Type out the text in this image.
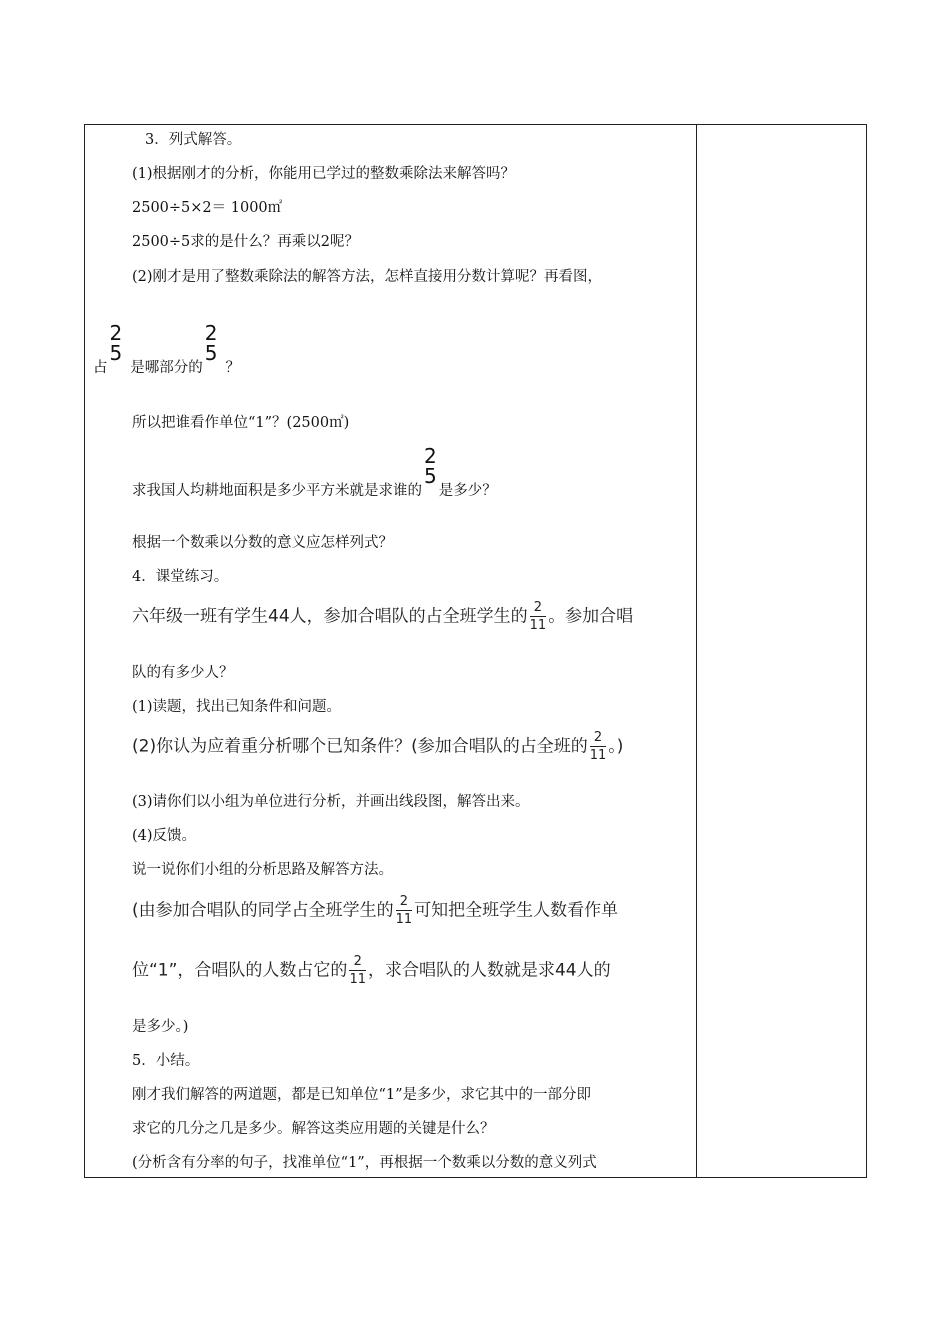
3．列式解答。
(1)根据刚才的分析，你能用已学过的整数乘除法来解答吗？
2500÷5×2＝ 1000㎡
2500÷5求的是什么？再乘以2呢？
(2)刚才是用了整数乘除法的解答方法，怎样直接用分数计算呢？再看图，
占
2
5
是哪部分的
2
5
？
所以把谁看作单位“1”？(2500㎡)
求我国人均耕地面积是多少平方米就是求谁的
2
5
是多少？
根据一个数乘以分数的意义应怎样列式？
4．课堂练习。
六年级一班有学生44人，参加合唱队的占全班学生的 $\frac{2}{11}$ 。参加合唱
队的有多少人？
(1)读题，找出已知条件和问题。
(2)你认为应着重分析哪个已知条件？(参加合唱队的占全班的 $\frac{2}{11}$ 。)
(3)请你们以小组为单位进行分析，并画出线段图，解答出来。
(4)反馈。
说一说你们小组的分析思路及解答方法。
(由参加合唱队的同学占全班学生的 $\frac{2}{11}$ 可知把全班学生人数看作单
位“1”，合唱队的人数占它的 $\frac{2}{11}$ ，求合唱队的人数就是求44人的
是多少。)
5．小结。
刚才我们解答的两道题，都是已知单位“1”是多少，求它其中的一部分即
求它的几分之几是多少。解答这类应用题的关键是什么？
(分析含有分率的句子，找准单位“1”，再根据一个数乘以分数的意义列式
